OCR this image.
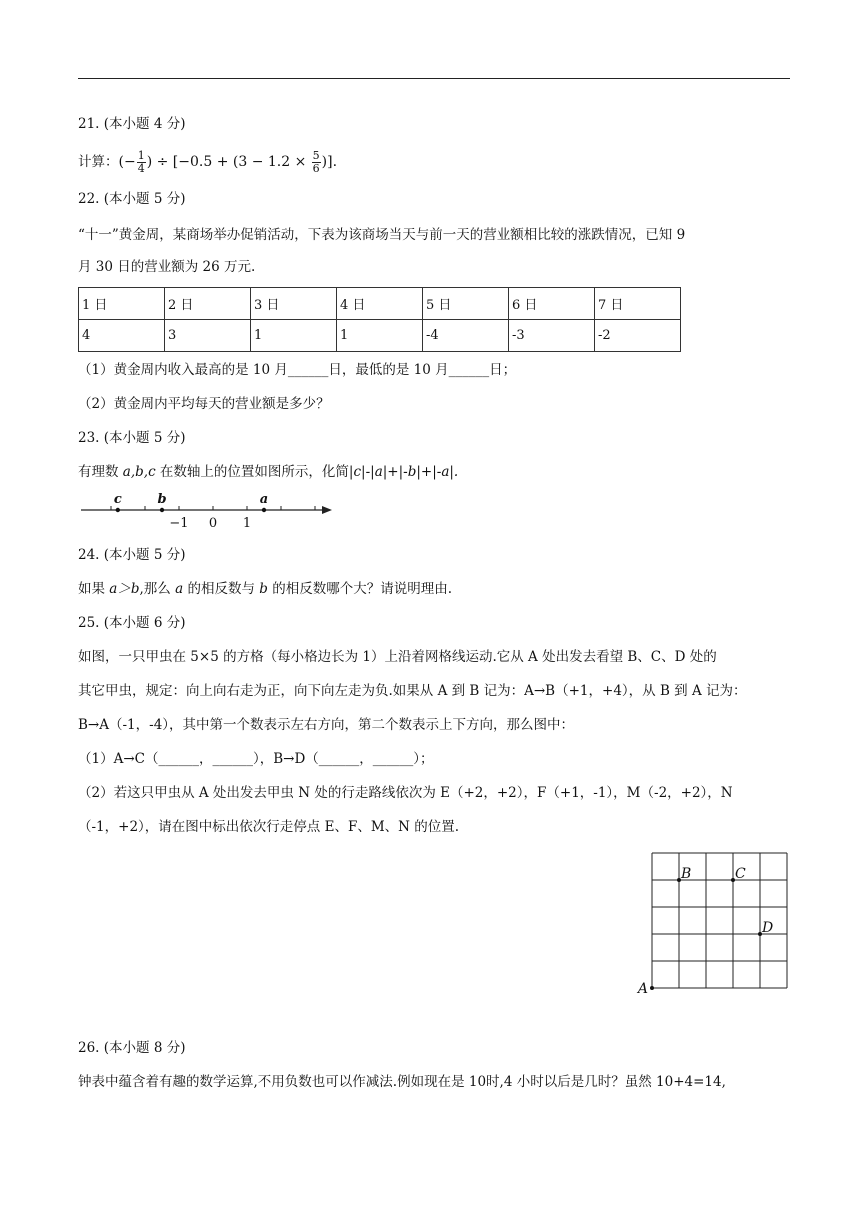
21. (本小题 4 分)
计算：(− $\frac{1}{4}$ ) ÷ [$-0.5 + (3 - 1.2 \times \frac{5}{6}$ )].
22. (本小题 5 分)
“十一”黄金周，某商场举办促销活动，下表为该商场当天与前一天的营业额相比较的涨跌情况，已知 9
月 30 日的营业额为 26 万元.
1 日	2 日	3 日	4 日	5 日	6 日	7 日
4	3	1	1	-4	-3	-2
（1）黄金周内收入最高的是 10 月______日，最低的是 10 月______日；
（2）黄金周内平均每天的营业额是多少？
23. (本小题 5 分)
有理数 a,b,c 在数轴上的位置如图所示，化简|c|-|a|+|-b|+|-a|.
−1 0 1
c	b	a
24. (本小题 5 分)
如果 a＞b,那么 a 的相反数与 b 的相反数哪个大？请说明理由.
25. (本小题 6 分)
如图，一只甲虫在 5×5 的方格（每小格边长为 1）上沿着网格线运动.它从 A 处出发去看望 B、C、D 处的
其它甲虫，规定：向上向右走为正，向下向左走为负.如果从 A 到 B 记为：A→B（+1，+4），从 B 到 A 记为：
B→A（-1，-4），其中第一个数表示左右方向，第二个数表示上下方向，那么图中：
（1）A→C（______，______），B→D（______，______）；
（2）若这只甲虫从 A 处出发去甲虫 N 处的行走路线依次为 E（+2，+2），F（+1，-1），M（-2，+2），N
（-1，+2），请在图中标出依次行走停点 E、F、M、N 的位置.
A
B	C
D
26. (本小题 8 分)
钟表中蕴含着有趣的数学运算,不用负数也可以作减法.例如现在是 10时,4 小时以后是几时？虽然 10+4=14,
